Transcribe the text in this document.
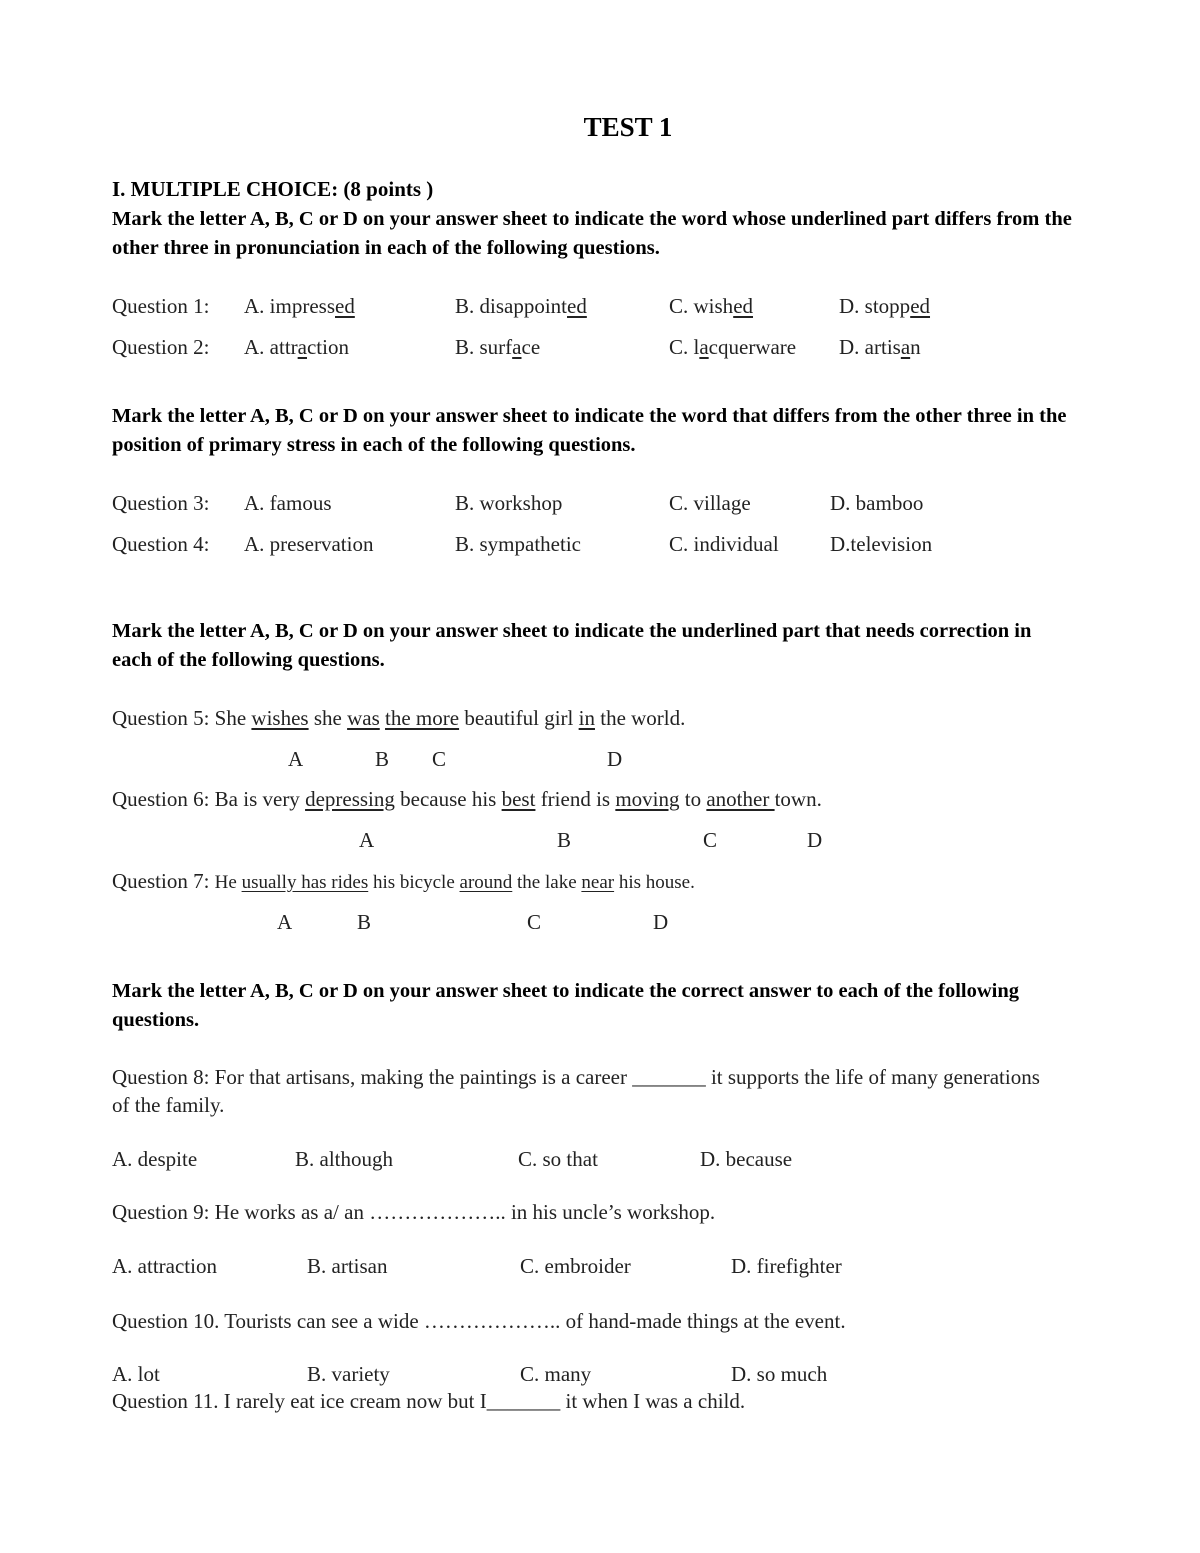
TEST 1
I. MULTIPLE CHOICE: (8 points )
Mark the letter A, B, C or D on your answer sheet to indicate the word whose underlined part differs from the other three in pronunciation in each of the following questions.
Question 1: A. impressed	B. disappointed	C. wished	D. stopped
Question 2: A. attraction	B. surface	C. lacquerware D. artisan
Mark the letter A, B, C or D on your answer sheet to indicate the word that differs from the other three in the position of primary stress in each of the following questions.
Question 3: A. famous	B. workshop	C. village	D. bamboo
Question 4: A. preservation	B. sympathetic	C. individual D.television
Mark the letter A, B, C or D on your answer sheet to indicate the underlined part that needs correction in each of the following questions.
Question 5: She wishes she was the more beautiful girl in the world.
A	B C	D
Question 6: Ba is very depressing because his best friend is moving to another town.
A	B	C	D
Question 7: He usually has rides his bicycle around the lake near his house.
A	B	C	D
Mark the letter A, B, C or D on your answer sheet to indicate the correct answer to each of the following questions.
Question 8: For that artisans, making the paintings is a career _______ it supports the life of many generations of the family.
A. despite	B. although	C. so that	D. because
Question 9: He works as a/ an ……………….. in his uncle’s workshop.
A. attraction	B. artisan	C. embroider	D. firefighter
Question 10. Tourists can see a wide ……………….. of hand-made things at the event.
A. lot	B. variety	C. many	D. so much
Question 11. I rarely eat ice cream now but I_______ it when I was a child.
